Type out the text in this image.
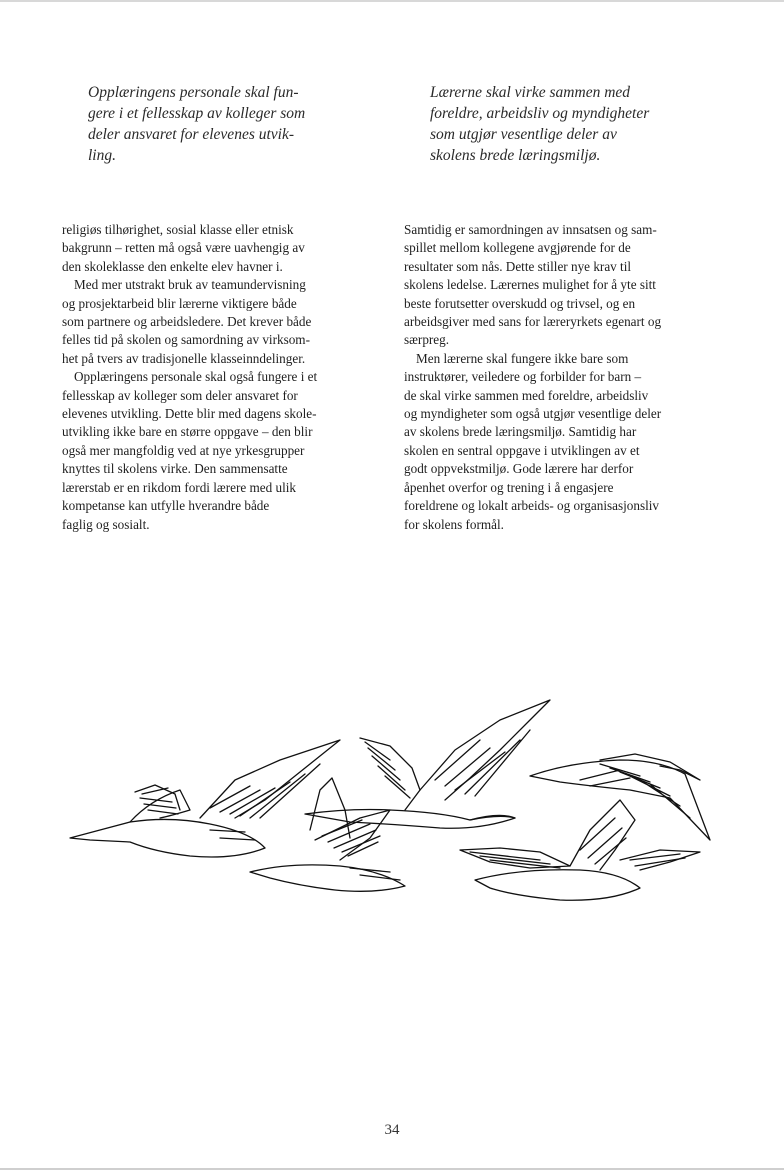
Opplæringens personale skal fun-
gere i et fellesskap av kolleger som
deler ansvaret for elevenes utvik-
ling.
Lærerne skal virke sammen med
foreldre, arbeidsliv og myndigheter
som utgjør vesentlige deler av
skolens brede læringsmiljø.
religiøs tilhørighet, sosial klasse eller etnisk
bakgrunn – retten må også være uavhengig av
den skoleklasse den enkelte elev havner i.
Med mer utstrakt bruk av teamundervisning
og prosjektarbeid blir lærerne viktigere både
som partnere og arbeidsledere. Det krever både
felles tid på skolen og samordning av virksom-
het på tvers av tradisjonelle klasseinndelinger.
Opplæringens personale skal også fungere i et
fellesskap av kolleger som deler ansvaret for
elevenes utvikling. Dette blir med dagens skole-
utvikling ikke bare en større oppgave – den blir
også mer mangfoldig ved at nye yrkesgrupper
knyttes til skolens virke. Den sammensatte
lærerstab er en rikdom fordi lærere med ulik
kompetanse kan utfylle hverandre både
faglig og sosialt.
Samtidig er samordningen av innsatsen og sam-
spillet mellom kollegene avgjørende for de
resultater som nås. Dette stiller nye krav til
skolens ledelse. Lærernes mulighet for å yte sitt
beste forutsetter overskudd og trivsel, og en
arbeidsgiver med sans for læreryrkets egenart og
særpreg.
Men lærerne skal fungere ikke bare som
instruktører, veiledere og forbilder for barn –
de skal virke sammen med foreldre, arbeidsliv
og myndigheter som også utgjør vesentlige deler
av skolens brede læringsmiljø. Samtidig har
skolen en sentral oppgave i utviklingen av et
godt oppvekstmiljø. Gode lærere har derfor
åpenhet overfor og trening i å engasjere
foreldrene og lokalt arbeids- og organisasjonsliv
for skolens formål.
34
